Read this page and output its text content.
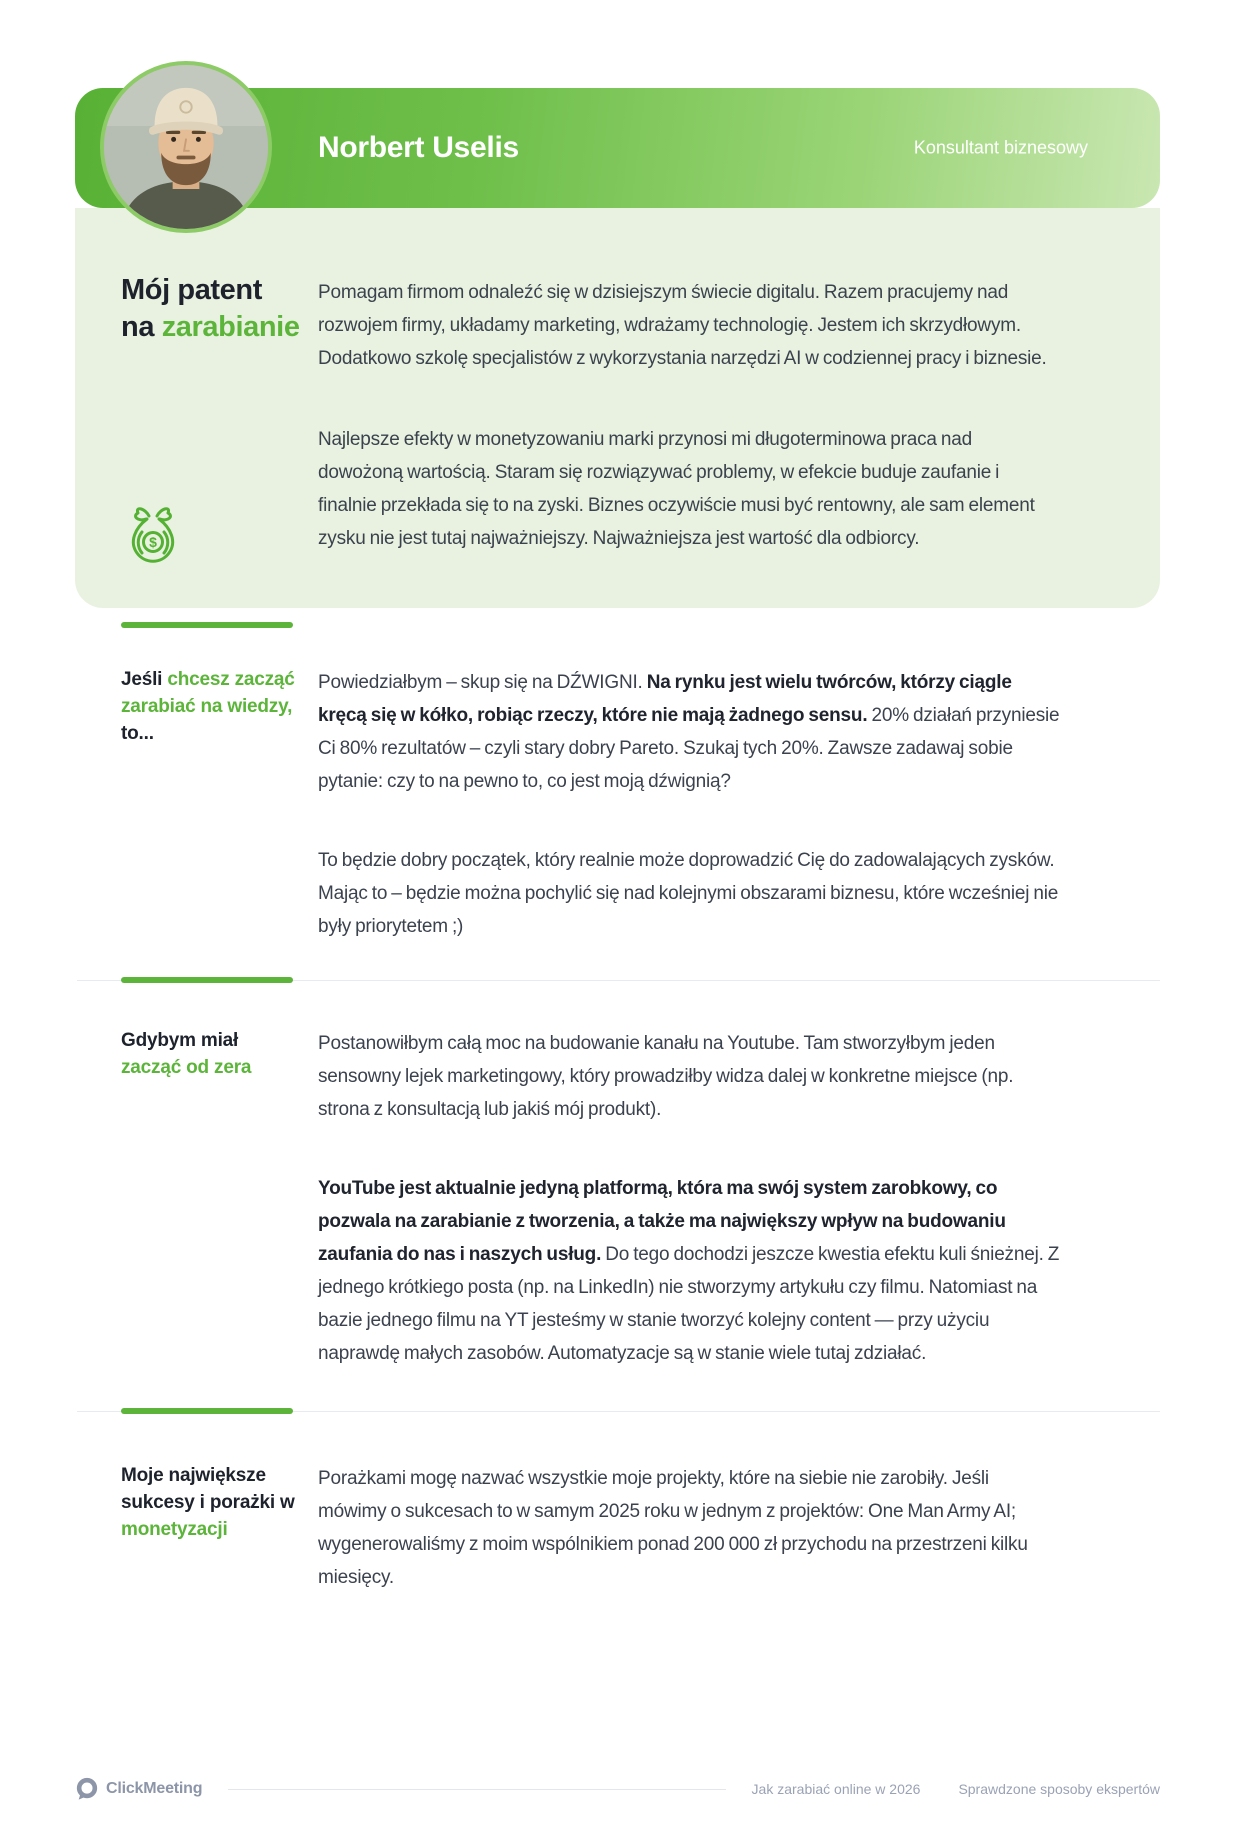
Norbert Uselis	Konsultant biznesowy
Mój patent
na zarabianie
$

Pomagam firmom odnaleźć się w dzisiejszym świecie digitalu. Razem pracujemy nad rozwojem firmy, układamy marketing, wdrażamy technologię. Jestem ich skrzydłowym. Dodatkowo szkolę specjalistów z wykorzystania narzędzi AI w codziennej pracy i biznesie.

Najlepsze efekty w monetyzowaniu marki przynosi mi długoterminowa praca nad dowożoną wartością. Staram się rozwiązywać problemy, w efekcie buduje zaufanie i finalnie przekłada się to na zyski. Biznes oczywiście musi być rentowny, ale sam element zysku nie jest tutaj najważniejszy. Najważniejsza jest wartość dla odbiorcy.

Jeśli chcesz zacząć zarabiać na wiedzy, to...

Powiedziałbym – skup się na DŹWIGNI. Na rynku jest wielu twórców, którzy ciągle kręcą się w kółko, robiąc rzeczy, które nie mają żadnego sensu. 20% działań przyniesie Ci 80% rezultatów – czyli stary dobry Pareto. Szukaj tych 20%. Zawsze zadawaj sobie pytanie: czy to na pewno to, co jest moją dźwignią?

To będzie dobry początek, który realnie może doprowadzić Cię do zadowalających zysków. Mając to – będzie można pochylić się nad kolejnymi obszarami biznesu, które wcześniej nie były priorytetem ;)

Gdybym miał zacząć od zera

Postanowiłbym całą moc na budowanie kanału na Youtube. Tam stworzyłbym jeden sensowny lejek marketingowy, który prowadziłby widza dalej w konkretne miejsce (np. strona z konsultacją lub jakiś mój produkt).

YouTube jest aktualnie jedyną platformą, która ma swój system zarobkowy, co pozwala na zarabianie z tworzenia, a także ma największy wpływ na budowaniu zaufania do nas i naszych usług. Do tego dochodzi jeszcze kwestia efektu kuli śnieżnej. Z jednego krótkiego posta (np. na LinkedIn) nie stworzymy artykułu czy filmu. Natomiast na bazie jednego filmu na YT jesteśmy w stanie tworzyć kolejny content — przy użyciu naprawdę małych zasobów. Automatyzacje są w stanie wiele tutaj zdziałać.

Moje największe sukcesy i porażki w monetyzacji

Porażkami mogę nazwać wszystkie moje projekty, które na siebie nie zarobiły. Jeśli mówimy o sukcesach to w samym 2025 roku w jednym z projektów: One Man Army AI; wygenerowaliśmy z moim wspólnikiem ponad 200 000 zł przychodu na przestrzeni kilku miesięcy.

ClickMeeting	Jak zarabiać online w 2026	Sprawdzone sposoby ekspertów
